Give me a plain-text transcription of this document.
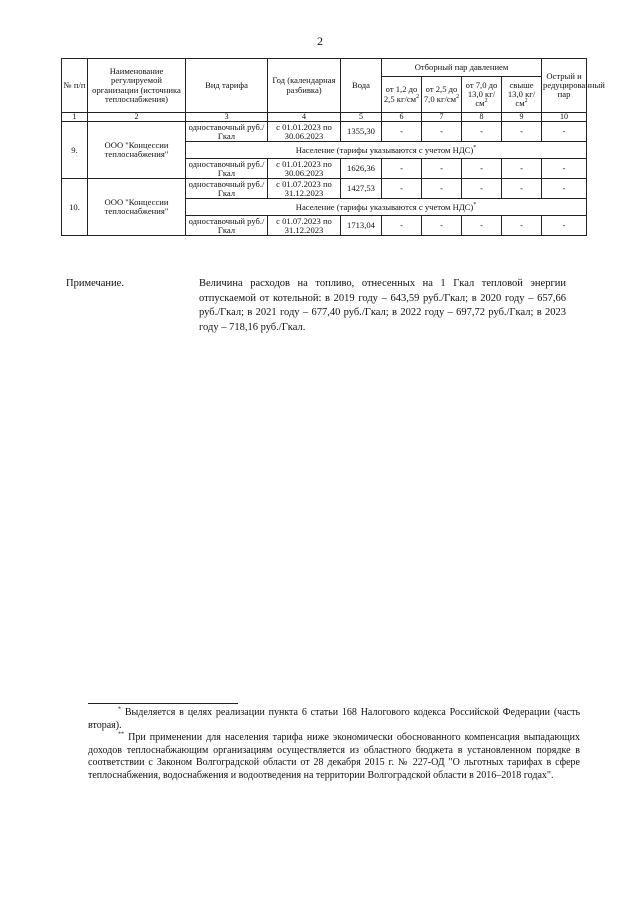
2
№ п/п	Наименование регулируемой организации (источника теплоснабжения)	Вид тарифа	Год (календарная разбивка)	Вода	Отборный пар давлением				Острый и редуцированный пар
					от 1,2 до 2,5 $кг/см^2$	от 2,5 до 7,0 $кг/см^2$	от 7,0 до 13,0 $кг/см^2$	свыше 13,0 $кг/см^2$
1	2	3	4	5	6	7	8	9	10
9.	ООО "Концессии теплоснабжения"	одноставочный руб./Гкал	с 01.01.2023 по 30.06.2023	1355,30	-	-	-	-	-
		Население (тарифы указываются с учетом НДС)*
		одноставочный руб./Гкал	с 01.01.2023 по 30.06.2023	1626,36	-	-	-	-	-
10.	ООО "Концессии теплоснабжения"	одноставочный руб./Гкал	с 01.07.2023 по 31.12.2023	1427,53	-	-	-	-	-
		Население (тарифы указываются с учетом НДС)*
		одноставочный руб./Гкал	с 01.07.2023 по 31.12.2023	1713,04	-	-	-	-	-
Примечание.	Величина расходов на топливо, отнесенных на 1 Гкал тепловой энергии отпускаемой от котельной: в 2019 году – 643,59 руб./Гкал; в 2020 году – 657,66 руб./Гкал; в 2021 году – 677,40 руб./Гкал; в 2022 году – 697,72 руб./Гкал; в 2023 году – 718,16 руб./Гкал.

* Выделяется в целях реализации пункта 6 статьи 168 Налогового кодекса Российской Федерации (часть вторая).

** При применении для населения тарифа ниже экономически обоснованного компенсация выпадающих доходов теплоснабжающим организациям осуществляется из областного бюджета в установленном порядке в соответствии с Законом Волгоградской области от 28 декабря 2015 г. № 227-ОД "О льготных тарифах в сфере теплоснабжения, водоснабжения и водоотведения на территории Волгоградской области в 2016–2018 годах".
